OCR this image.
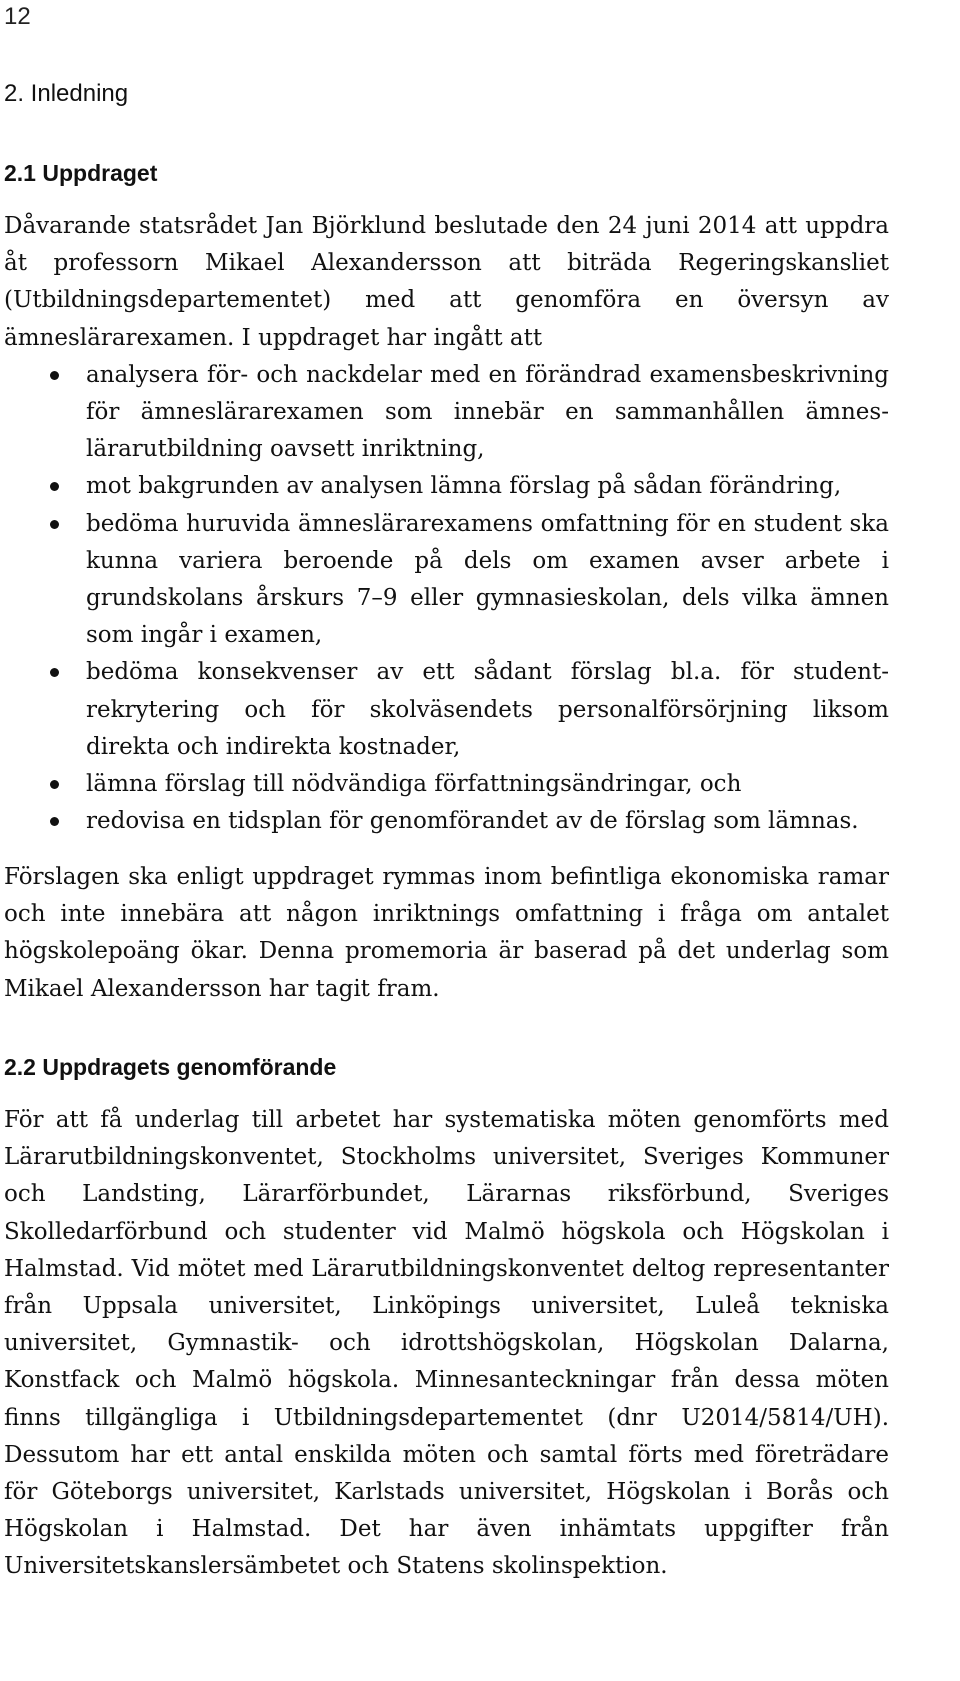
12
2. Inledning
2.1 Uppdraget
Dåvarande statsrådet Jan Björklund beslutade den 24 juni 2014 att uppdra åt professorn Mikael Alexandersson att biträda Regeringskansliet (Utbildningsdepartementet) med att genomföra en översyn av ämneslärarexamen. I uppdraget har ingått att
analysera för- och nackdelar med en förändrad examensbeskrivning för ämneslärarexamen som innebär en sammanhållen ämneslärarutbildning oavsett inriktning,
mot bakgrunden av analysen lämna förslag på sådan förändring,
bedöma huruvida ämneslärarexamens omfattning för en student ska kunna variera beroende på dels om examen avser arbete i grundskolans årskurs 7–9 eller gymnasieskolan, dels vilka ämnen som ingår i examen,
bedöma konsekvenser av ett sådant förslag bl.a. för studentrekrytering och för skolväsendets personalförsörjning liksom direkta och indirekta kostnader,
lämna förslag till nödvändiga författningsändringar, och
redovisa en tidsplan för genomförandet av de förslag som lämnas.

Förslagen ska enligt uppdraget rymmas inom befintliga ekonomiska ramar och inte innebära att någon inriktnings omfattning i fråga om antalet högskolepoäng ökar. Denna promemoria är baserad på det underlag som Mikael Alexandersson har tagit fram.

2.2 Uppdragets genomförande

För att få underlag till arbetet har systematiska möten genomförts med Lärarutbildningskonventet, Stockholms universitet, Sveriges Kommuner och Landsting, Lärarförbundet, Lärarnas riksförbund, Sveriges Skolledarförbund och studenter vid Malmö högskola och Högskolan i Halmstad. Vid mötet med Lärarutbildningskonventet deltog representanter från Uppsala universitet, Linköpings universitet, Luleå tekniska universitet, Gymnastik- och idrottshögskolan, Högskolan Dalarna, Konstfack och Malmö högskola. Minnesanteckningar från dessa möten finns tillgängliga i Utbildningsdepartementet (dnr U2014/5814/UH). Dessutom har ett antal enskilda möten och samtal förts med företrädare för Göteborgs universitet, Karlstads universitet, Högskolan i Borås och Högskolan i Halmstad. Det har även inhämtats uppgifter från Universitetskanslersämbetet och Statens skolinspektion.
